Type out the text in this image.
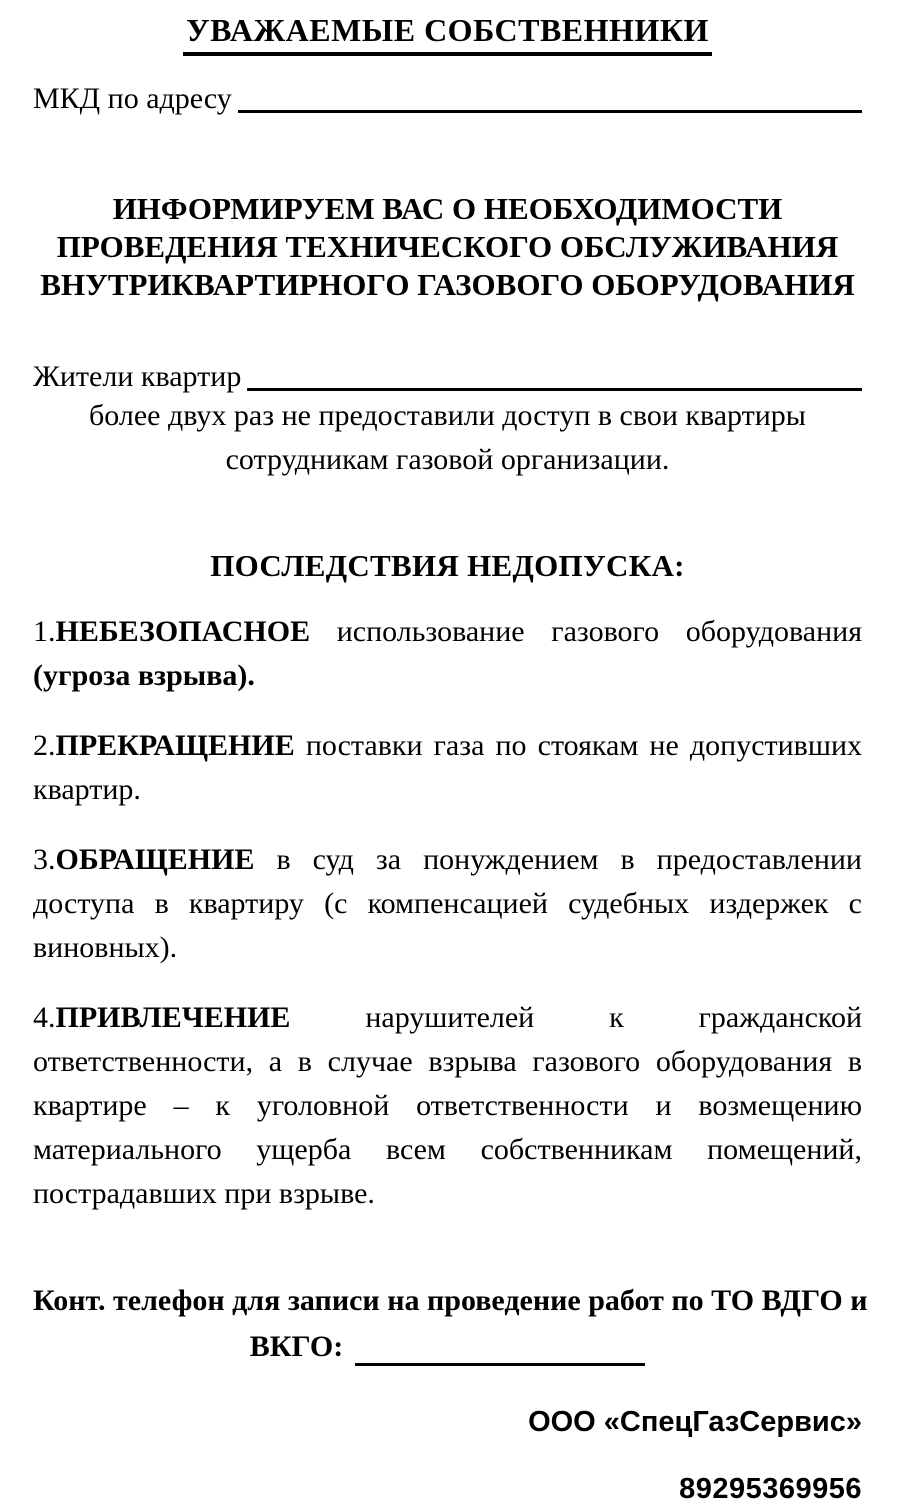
УВАЖАЕМЫЕ СОБСТВЕННИКИ
МКД по адресу
ИНФОРМИРУЕМ ВАС О НЕОБХОДИМОСТИ
ПРОВЕДЕНИЯ ТЕХНИЧЕСКОГО ОБСЛУЖИВАНИЯ
ВНУТРИКВАРТИРНОГО ГАЗОВОГО ОБОРУДОВАНИЯ
Жители квартир
более двух раз не предоставили доступ в свои квартиры
сотрудникам газовой организации.
ПОСЛЕДСТВИЯ НЕДОПУСКА:
1.НЕБЕЗОПАСНОЕ использование газового оборудования (угроза взрыва).
2.ПРЕКРАЩЕНИЕ поставки газа по стоякам не допустивших квартир.
3.ОБРАЩЕНИЕ в суд за понуждением в предоставлении доступа в квартиру (с компенсацией судебных издержек с виновных).
4.ПРИВЛЕЧЕНИЕ нарушителей к гражданской ответственности, а в случае взрыва газового оборудования в квартире – к уголовной ответственности и возмещению материального ущерба всем собственникам помещений, пострадавших при взрыве.
Конт. телефон для записи на проведение работ по ТО ВДГО и
ВКГО:
ООО «СпецГазСервис»
89295369956
